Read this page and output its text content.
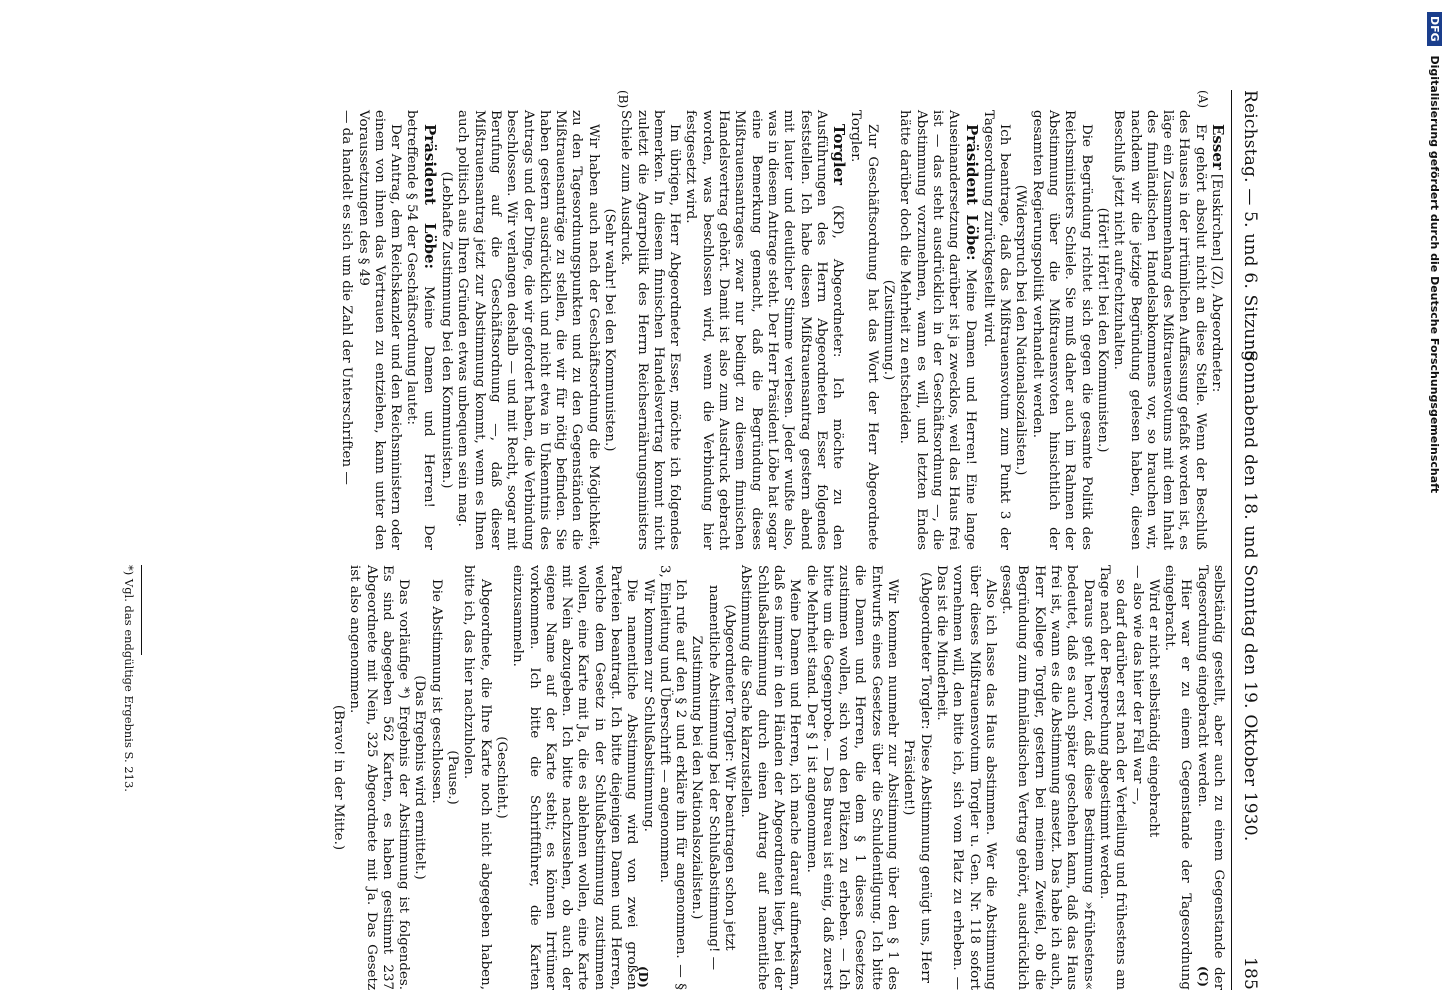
Reichstag. — 5. und 6. Sitzung.
Sonnabend den 18. und Sonntag den 19. Oktober 1930.
185
(A)
(B)
(C)
(D)

Esser [Euskirchen] (Z), Abgeordneter:

Er gehört absolut nicht an diese Stelle. Wenn der Beschluß des Hauses in der irrtümlichen Auffassung gefaßt worden ist, es läge ein Zusammenhang des Mißtrauensvotums mit dem Inhalt des finnländischen Handelsabkommens vor, so brauchen wir, nachdem wir die jetzige Begründung gelesen haben, diesen Beschluß jetzt nicht aufrechtzuhalten.

(Hört! Hört! bei den Kommunisten.)

Die Begründung richtet sich gegen die gesamte Politik des Reichsministers Schiele. Sie muß daher auch im Rahmen der Abstimmung über die Mißtrauensvoten hinsichtlich der gesamten Regierungspolitik verhandelt werden.

(Widerspruch bei den Nationalsozialisten.)

Ich beantrage, daß das Mißtrauensvotum zum Punkt 3 der Tagesordnung zurückgestellt wird.

Präsident Löbe: Meine Damen und Herren! Eine lange Auseinandersetzung darüber ist ja zwecklos, weil das Haus frei ist — das steht ausdrücklich in der Geschäftsordnung —, die Abstimmung vorzunehmen, wann es will, und letzten Endes hätte darüber doch die Mehrheit zu entscheiden.

(Zustimmung.)

Zur Geschäftsordnung hat das Wort der Herr Abgeordnete Torgler.

Torgler (KP), Abgeordneter: Ich möchte zu den Ausführungen des Herrn Abgeordneten Esser folgendes feststellen. Ich habe diesen Mißtrauensantrag gestern abend mit lauter und deutlicher Stimme verlesen. Jeder wußte also, was in diesem Antrage steht. Der Herr Präsident Löbe hat sogar eine Bemerkung gemacht, daß die Begründung dieses Mißtrauensantrages zwar nur bedingt zu diesem finnischen Handelsvertrag gehört. Damit ist also zum Ausdruck gebracht worden, was beschlossen wird, wenn die Verbindung hier festgesetzt wird.

Im übrigen, Herr Abgeordneter Esser, möchte ich folgendes bemerken. In diesem finnischen Handelsvertrag kommt nicht zuletzt die Agrarpolitik des Herrn Reichsernährungsministers Schiele zum Ausdruck.

(Sehr wahr! bei den Kommunisten.)

Wir haben auch nach der Geschäftsordnung die Möglichkeit, zu den Tagesordnungspunkten und zu den Gegenständen die Mißtrauensanträge zu stellen, die wir für nötig befinden. Sie haben gestern ausdrücklich und nicht etwa in Unkenntnis des Antrags und der Dinge, die wir gefordert haben, die Verbindung beschlossen. Wir verlangen deshalb — und mit Recht, sogar mit Berufung auf die Geschäftsordnung —, daß dieser Mißtrauensantrag jetzt zur Abstimmung kommt, wenn es Ihnen auch politisch aus Ihren Gründen etwas unbequem sein mag.

(Lebhafte Zustimmung bei den Kommunisten.)

Präsident Löbe: Meine Damen und Herren! Der betreffende § 54 der Geschäftsordnung lautet:

Der Antrag, dem Reichskanzler und den Reichsministern oder einem von ihnen das Vertrauen zu entziehen, kann unter den Voraussetzungen des § 49

— da handelt es sich um die Zahl der Unterschriften —

selbständig gestellt, aber auch zu einem Gegenstande der Tagesordnung eingebracht werden.

Hier war er zu einem Gegenstande der Tagesordnung eingebracht.

Wird er nicht selbständig eingebracht

— also wie das hier der Fall war —,

so darf darüber erst nach der Verteilung und frühestens am Tage nach der Besprechung abgestimmt werden.

Daraus geht hervor, daß diese Bestimmung »frühestens« bedeutet, daß es auch später geschehen kann, daß das Haus frei ist, wann es die Abstimmung ansetzt. Das habe ich auch, Herr Kollege Torgler, gestern bei meinem Zweifel, ob die Begründung zum finnländischen Vertrag gehört, ausdrücklich gesagt.

Also ich lasse das Haus abstimmen. Wer die Abstimmung über dieses Mißtrauensvotum Torgler u. Gen. Nr. 118 sofort vornehmen will, den bitte ich, sich vom Platz zu erheben. — Das ist die Minderheit.

(Abgeordneter Torgler: Diese Abstimmung genügt uns, Herr Präsident!)

Wir kommen nunmehr zur Abstimmung über den § 1 des Entwurfs eines Gesetzes über die Schuldentilgung. Ich bitte die Damen und Herren, die dem § 1 dieses Gesetzes zustimmen wollen, sich von den Plätzen zu erheben. — Ich bitte um die Gegenprobe. — Das Bureau ist einig, daß zuerst die Mehrheit stand. Der § 1 ist angenommen.

Meine Damen und Herren, ich mache darauf aufmerksam, daß es immer in den Händen der Abgeordneten liegt, bei der Schlußabstimmung durch einen Antrag auf namentliche Abstimmung die Sache klarzustellen.

(Abgeordneter Torgler: Wir beantragen schon jetzt namentliche Abstimmung bei der Schlußabstimmung! — Zustimmung bei den Nationalsozialisten.)

Ich rufe auf den § 2 und erkläre ihn für angenommen. — § 3, Einleitung und Überschrift — angenommen.

Wir kommen zur Schlußabstimmung.

Die namentliche Abstimmung wird von zwei großen Parteien beantragt. Ich bitte diejenigen Damen und Herren, welche dem Gesetz in der Schlußabstimmung zustimmen wollen, eine Karte mit Ja, die es ablehnen wollen, eine Karte mit Nein abzugeben. Ich bitte nachzusehen, ob auch der eigene Name auf der Karte steht; es können Irrtümer vorkommen. Ich bitte die Schriftführer, die Karten einzusammeln.

(Geschieht.)

Abgeordnete, die Ihre Karte noch nicht abgegeben haben, bitte ich, das hier nachzuholen.

(Pause.)

Die Abstimmung ist geschlossen.

(Das Ergebnis wird ermittelt.)

Das vorläufige *) Ergebnis der Abstimmung ist folgendes. Es sind abgegeben 562 Karten, es haben gestimmt 237 Abgeordnete mit Nein, 325 Abgeordnete mit Ja. Das Gesetz ist also angenommen.

(Bravo! in der Mitte.)

*) Vgl. das endgültige Ergebnis S. 213.
DFG Digitalisierung gefördert durch die Deutsche Forschungsgemeinschaft
